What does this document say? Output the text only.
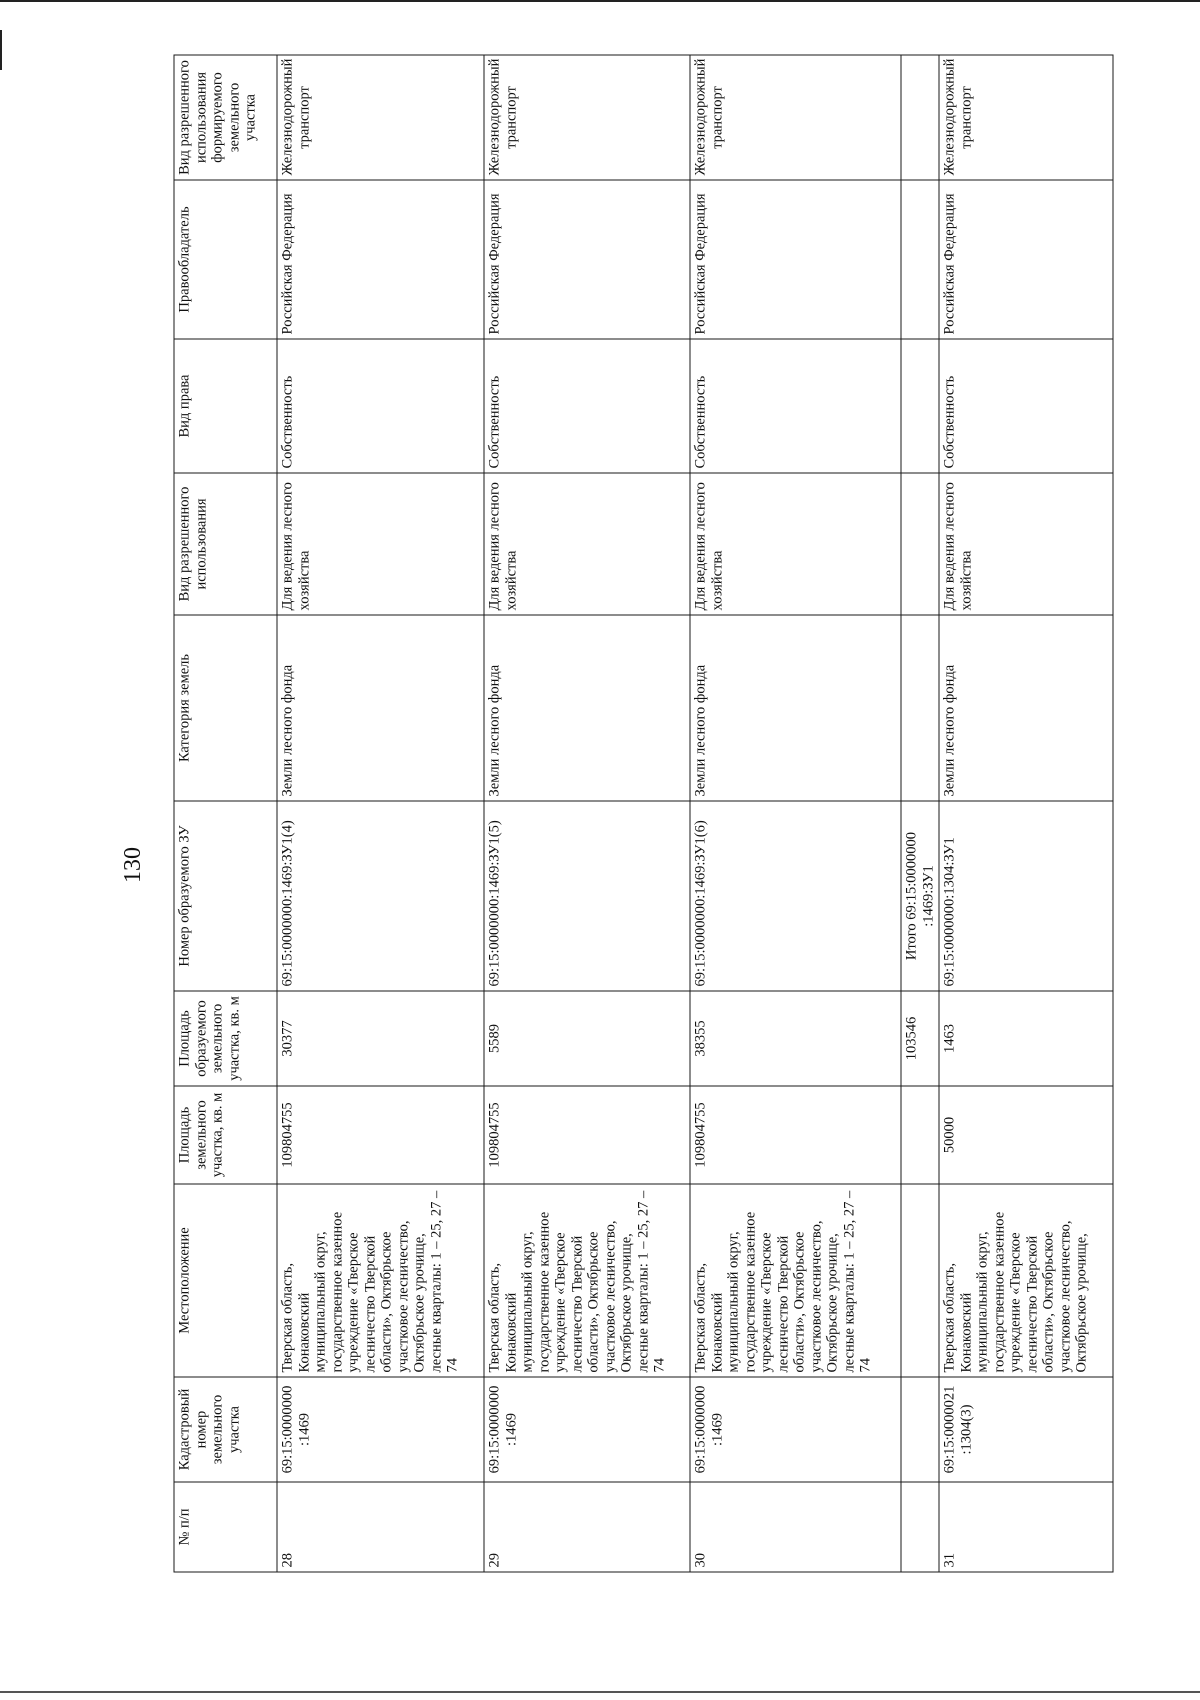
130
№ п/п	Кадастровый номер земельного участка	Местоположение	Площадь земельного участка, кв. м	Площадь образуемого земельного участка, кв. м	Номер образуемого ЗУ	Категория земель	Вид разрешенного использования	Вид права	Правообладатель	Вид разрешенного использования формируемого земельного участка
28	69:15:0000000 :1469	Тверская область, Конаковский муниципальный округ, государственное казенное учреждение «Тверское лесничество Тверской области», Октябрьское участковое лесничество, Октябрьское урочище, лесные кварталы: 1 – 25, 27 – 74	109804755	30377	69:15:0000000:1469:ЗУ1(4)	Земли лесного фонда	Для ведения лесного хозяйства	Собственность	Российская Федерация	Железнодорожный транспорт
29	69:15:0000000 :1469	Тверская область, Конаковский муниципальный округ, государственное казенное учреждение «Тверское лесничество Тверской области», Октябрьское участковое лесничество, Октябрьское урочище, лесные кварталы: 1 – 25, 27 – 74	109804755	5589	69:15:0000000:1469:ЗУ1(5)	Земли лесного фонда	Для ведения лесного хозяйства	Собственность	Российская Федерация	Железнодорожный транспорт
30	69:15:0000000 :1469	Тверская область, Конаковский муниципальный округ, государственное казенное учреждение «Тверское лесничество Тверской области», Октябрьское участковое лесничество, Октябрьское урочище, лесные кварталы: 1 – 25, 27 – 74	109804755	38355	69:15:0000000:1469:ЗУ1(6)	Земли лесного фонда	Для ведения лесного хозяйства	Собственность	Российская Федерация	Железнодорожный транспорт
				103546	Итого 69:15:0000000 :1469:ЗУ1					
31	69:15:0000021 :1304(3)	Тверская область, Конаковский муниципальный округ, государственное казенное учреждение «Тверское лесничество Тверской области», Октябрьское участковое лесничество, Октябрьское урочище,	50000	1463	69:15:0000000:1304:ЗУ1	Земли лесного фонда	Для ведения лесного хозяйства	Собственность	Российская Федерация	Железнодорожный транспорт
